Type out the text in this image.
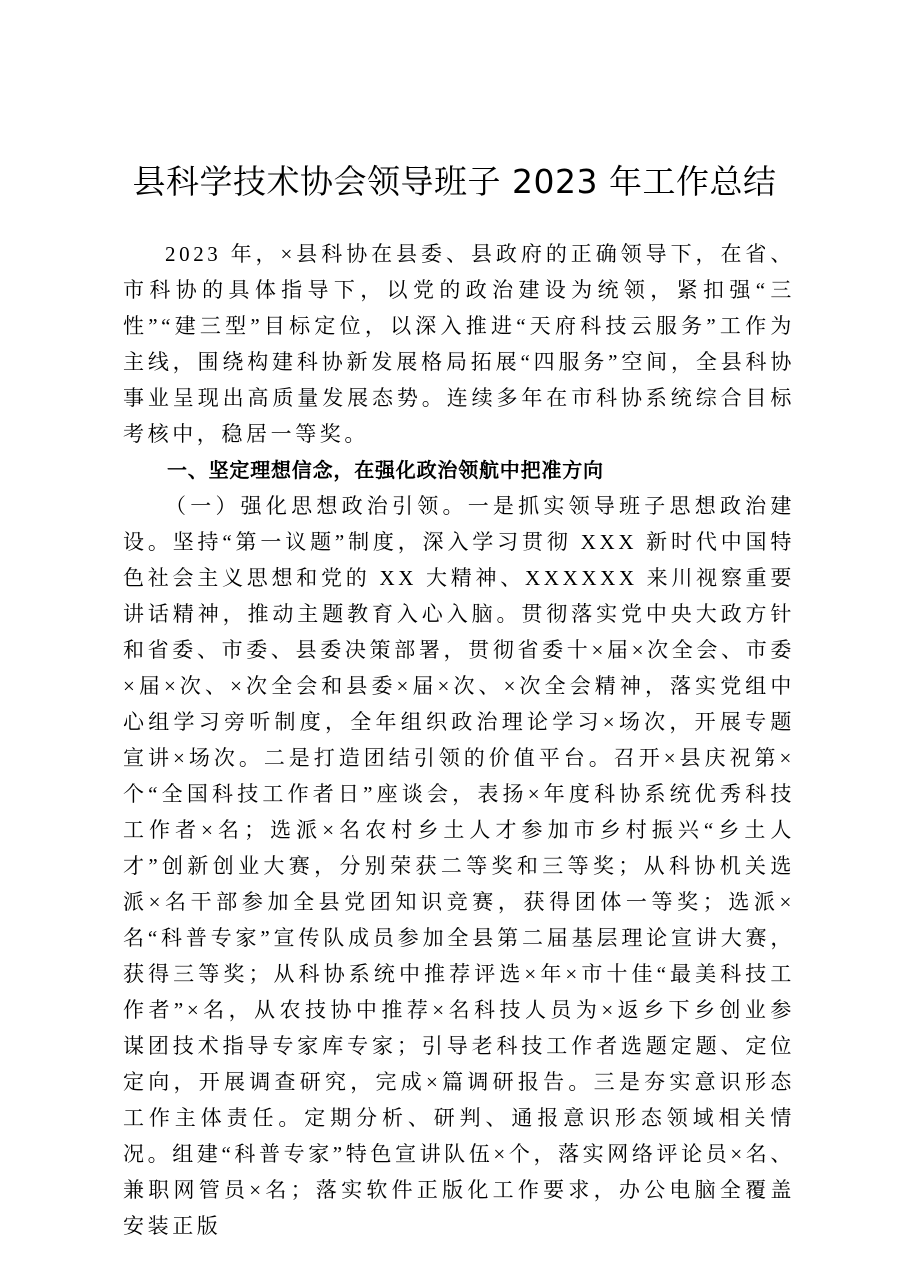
县科学技术协会领导班子 2023 年工作总结

2023 年，×县科协在县委、县政府的正确领导下，在省、市科协的具体指导下，以党的政治建设为统领，紧扣强“三性”“建三型”目标定位，以深入推进“天府科技云服务”工作为主线，围绕构建科协新发展格局拓展“四服务”空间，全县科协事业呈现出高质量发展态势。连续多年在市科协系统综合目标考核中，稳居一等奖。

一、坚定理想信念，在强化政治领航中把准方向

（一）强化思想政治引领。一是抓实领导班子思想政治建设。坚持“第一议题”制度，深入学习贯彻 XXX 新时代中国特色社会主义思想和党的 XX 大精神、XXXXXX 来川视察重要讲话精神，推动主题教育入心入脑。贯彻落实党中央大政方针和省委、市委、县委决策部署，贯彻省委十×届×次全会、市委×届×次、×次全会和县委×届×次、×次全会精神，落实党组中心组学习旁听制度，全年组织政治理论学习×场次，开展专题宣讲×场次。二是打造团结引领的价值平台。召开×县庆祝第×个“全国科技工作者日”座谈会，表扬×年度科协系统优秀科技工作者×名；选派×名农村乡土人才参加市乡村振兴“乡土人才”创新创业大赛，分别荣获二等奖和三等奖；从科协机关选派×名干部参加全县党团知识竞赛，获得团体一等奖；选派×名“科普专家”宣传队成员参加全县第二届基层理论宣讲大赛，获得三等奖；从科协系统中推荐评选×年×市十佳“最美科技工作者”×名，从农技协中推荐×名科技人员为×返乡下乡创业参谋团技术指导专家库专家；引导老科技工作者选题定题、定位定向，开展调查研究，完成×篇调研报告。三是夯实意识形态工作主体责任。定期分析、研判、通报意识形态领域相关情况。组建“科普专家”特色宣讲队伍×个，落实网络评论员×名、兼职网管员×名；落实软件正版化工作要求，办公电脑全覆盖安装正版
